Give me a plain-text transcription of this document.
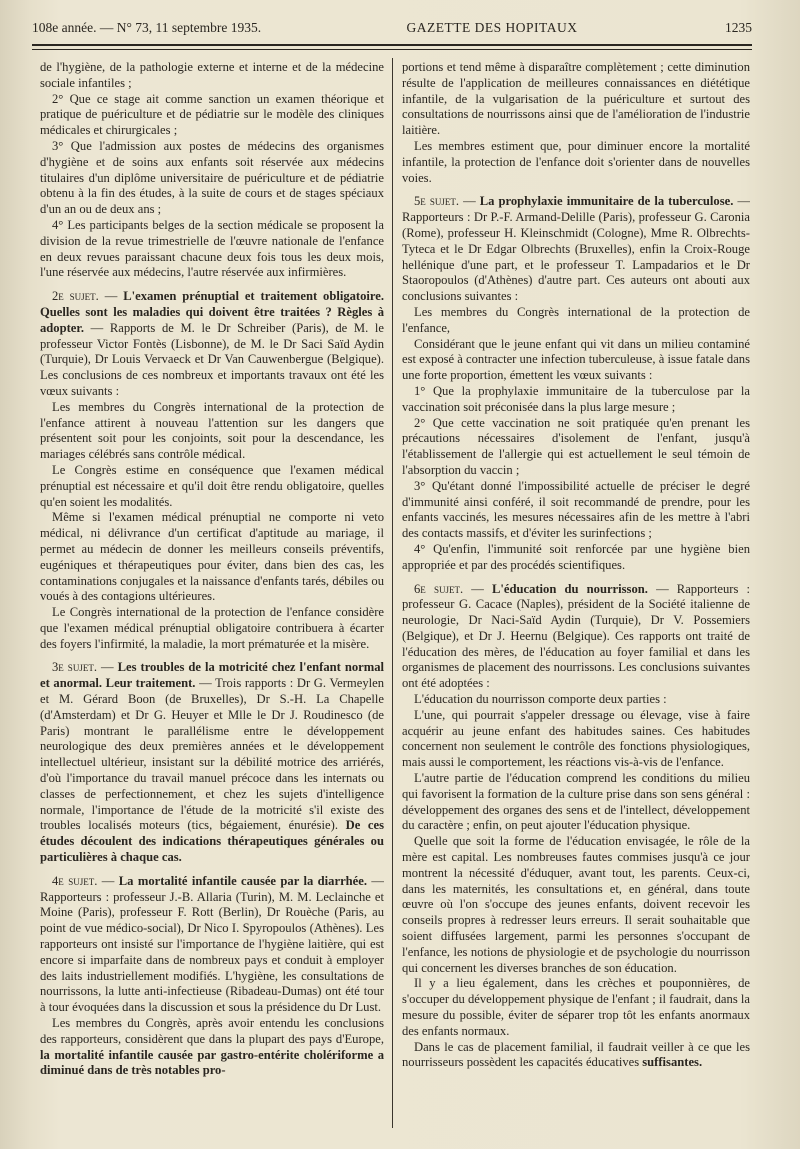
108e année. — N° 73, 11 septembre 1935.	GAZETTE DES HOPITAUX	1235

de l'hygiène, de la pathologie externe et interne et de la médecine sociale infantiles ;

2° Que ce stage ait comme sanction un examen théorique et pratique de puériculture et de pédiatrie sur le modèle des cliniques médicales et chirurgicales ;

3° Que l'admission aux postes de médecins des organismes d'hygiène et de soins aux enfants soit réservée aux médecins titulaires d'un diplôme universitaire de puériculture et de pédiatrie obtenu à la fin des études, à la suite de cours et de stages spéciaux d'un an ou de deux ans ;

4° Les participants belges de la section médicale se proposent la division de la revue trimestrielle de l'œuvre nationale de l'enfance en deux revues paraissant chacune deux fois tous les deux mois, l'une réservée aux médecins, l'autre réservée aux infirmières.

2e sujet. — L'examen prénuptial et traitement obligatoire. Quelles sont les maladies qui doivent être traitées ? Règles à adopter. — Rapports de M. le Dr Schreiber (Paris), de M. le professeur Victor Fontès (Lisbonne), de M. le Dr Saci Saïd Aydin (Turquie), Dr Louis Vervaeck et Dr Van Cauwenbergue (Belgique). Les conclusions de ces nombreux et importants travaux ont été les vœux suivants :

Les membres du Congrès international de la protection de l'enfance attirent à nouveau l'attention sur les dangers que présentent soit pour les conjoints, soit pour la descendance, les mariages célébrés sans contrôle médical.

Le Congrès estime en conséquence que l'examen médical prénuptial est nécessaire et qu'il doit être rendu obligatoire, quelles qu'en soient les modalités.

Même si l'examen médical prénuptial ne comporte ni veto médical, ni délivrance d'un certificat d'aptitude au mariage, il permet au médecin de donner les meilleurs conseils préventifs, eugéniques et thérapeutiques pour éviter, dans bien des cas, les contaminations conjugales et la naissance d'enfants tarés, débiles ou voués à des contagions ultérieures.

Le Congrès international de la protection de l'enfance considère que l'examen médical prénuptial obligatoire contribuera à écarter des foyers l'infirmité, la maladie, la mort prématurée et la misère.

3e sujet. — Les troubles de la motricité chez l'enfant normal et anormal. Leur traitement. — Trois rapports : Dr G. Vermeylen et M. Gérard Boon (de Bruxelles), Dr S.-H. La Chapelle (d'Amsterdam) et Dr G. Heuyer et Mlle le Dr J. Roudinesco (de Paris) montrant le parallélisme entre le développement neurologique des deux premières années et le développement intellectuel ultérieur, insistant sur la débilité motrice des arriérés, d'où l'importance du travail manuel précoce dans les internats ou classes de perfectionnement, et chez les sujets d'intelligence normale, l'importance de l'étude de la motricité s'il existe des troubles localisés moteurs (tics, bégaiement, énurésie). De ces études découlent des indications thérapeutiques générales ou particulières à chaque cas.

4e sujet. — La mortalité infantile causée par la diarrhée. — Rapporteurs : professeur J.-B. Allaria (Turin), M. M. Leclainche et Moine (Paris), professeur F. Rott (Berlin), Dr Rouèche (Paris, au point de vue médico-social), Dr Nico I. Spyropoulos (Athènes). Les rapporteurs ont insisté sur l'importance de l'hygiène laitière, qui est encore si imparfaite dans de nombreux pays et conduit à employer des laits industriellement modifiés. L'hygiène, les consultations de nourrissons, la lutte anti-infectieuse (Ribadeau-Dumas) ont été tour à tour évoquées dans la discussion et sous la présidence du Dr Lust.

Les membres du Congrès, après avoir entendu les conclusions des rapporteurs, considèrent que dans la plupart des pays d'Europe, la mortalité infantile causée par gastro-entérite cholériforme a diminué dans de très notables pro-

portions et tend même à disparaître complètement ; cette diminution résulte de l'application de meilleures connaissances en diététique infantile, de la vulgarisation de la puériculture et surtout des consultations de nourrissons ainsi que de l'amélioration de l'industrie laitière.

Les membres estiment que, pour diminuer encore la mortalité infantile, la protection de l'enfance doit s'orienter dans de nouvelles voies.

5e sujet. — La prophylaxie immunitaire de la tuberculose. — Rapporteurs : Dr P.-F. Armand-Delille (Paris), professeur G. Caronia (Rome), professeur H. Kleinschmidt (Cologne), Mme R. Olbrechts-Tyteca et le Dr Edgar Olbrechts (Bruxelles), enfin la Croix-Rouge hellénique d'une part, et le professeur T. Lampadarios et le Dr Staoropoulos (d'Athènes) d'autre part. Ces auteurs ont abouti aux conclusions suivantes :

Les membres du Congrès international de la protection de l'enfance,

Considérant que le jeune enfant qui vit dans un milieu contaminé est exposé à contracter une infection tuberculeuse, à issue fatale dans une forte proportion, émettent les vœux suivants :

1° Que la prophylaxie immunitaire de la tuberculose par la vaccination soit préconisée dans la plus large mesure ;

2° Que cette vaccination ne soit pratiquée qu'en prenant les précautions nécessaires d'isolement de l'enfant, jusqu'à l'établissement de l'allergie qui est actuellement le seul témoin de l'absorption du vaccin ;

3° Qu'étant donné l'impossibilité actuelle de préciser le degré d'immunité ainsi conféré, il soit recommandé de prendre, pour les enfants vaccinés, les mesures nécessaires afin de les mettre à l'abri des contacts massifs, et d'éviter les surinfections ;

4° Qu'enfin, l'immunité soit renforcée par une hygiène bien appropriée et par des procédés scientifiques.

6e sujet. — L'éducation du nourrisson. — Rapporteurs : professeur G. Cacace (Naples), président de la Société italienne de neurologie, Dr Naci-Saïd Aydin (Turquie), Dr V. Possemiers (Belgique), et Dr J. Heernu (Belgique). Ces rapports ont traité de l'éducation des mères, de l'éducation au foyer familial et dans les organismes de placement des nourrissons. Les conclusions suivantes ont été adoptées :

L'éducation du nourrisson comporte deux parties :

L'une, qui pourrait s'appeler dressage ou élevage, vise à faire acquérir au jeune enfant des habitudes saines. Ces habitudes concernent non seulement le contrôle des fonctions physiologiques, mais aussi le comportement, les réactions vis-à-vis de l'enfance.

L'autre partie de l'éducation comprend les conditions du milieu qui favorisent la formation de la culture prise dans son sens général : développement des organes des sens et de l'intellect, développement du caractère ; enfin, on peut ajouter l'éducation physique.

Quelle que soit la forme de l'éducation envisagée, le rôle de la mère est capital. Les nombreuses fautes commises jusqu'à ce jour montrent la nécessité d'éduquer, avant tout, les parents. Ceux-ci, dans les maternités, les consultations et, en général, dans toute œuvre où l'on s'occupe des jeunes enfants, doivent recevoir les conseils propres à redresser leurs erreurs. Il serait souhaitable que soient diffusées largement, parmi les personnes s'occupant de l'enfance, les notions de physiologie et de psychologie du nourrisson qui concernent les diverses branches de son éducation.

Il y a lieu également, dans les crèches et pouponnières, de s'occuper du développement physique de l'enfant ; il faudrait, dans la mesure du possible, éviter de séparer trop tôt les enfants anormaux des enfants normaux.

Dans le cas de placement familial, il faudrait veiller à ce que les nourrisseurs possèdent les capacités éducatives suffisantes.
